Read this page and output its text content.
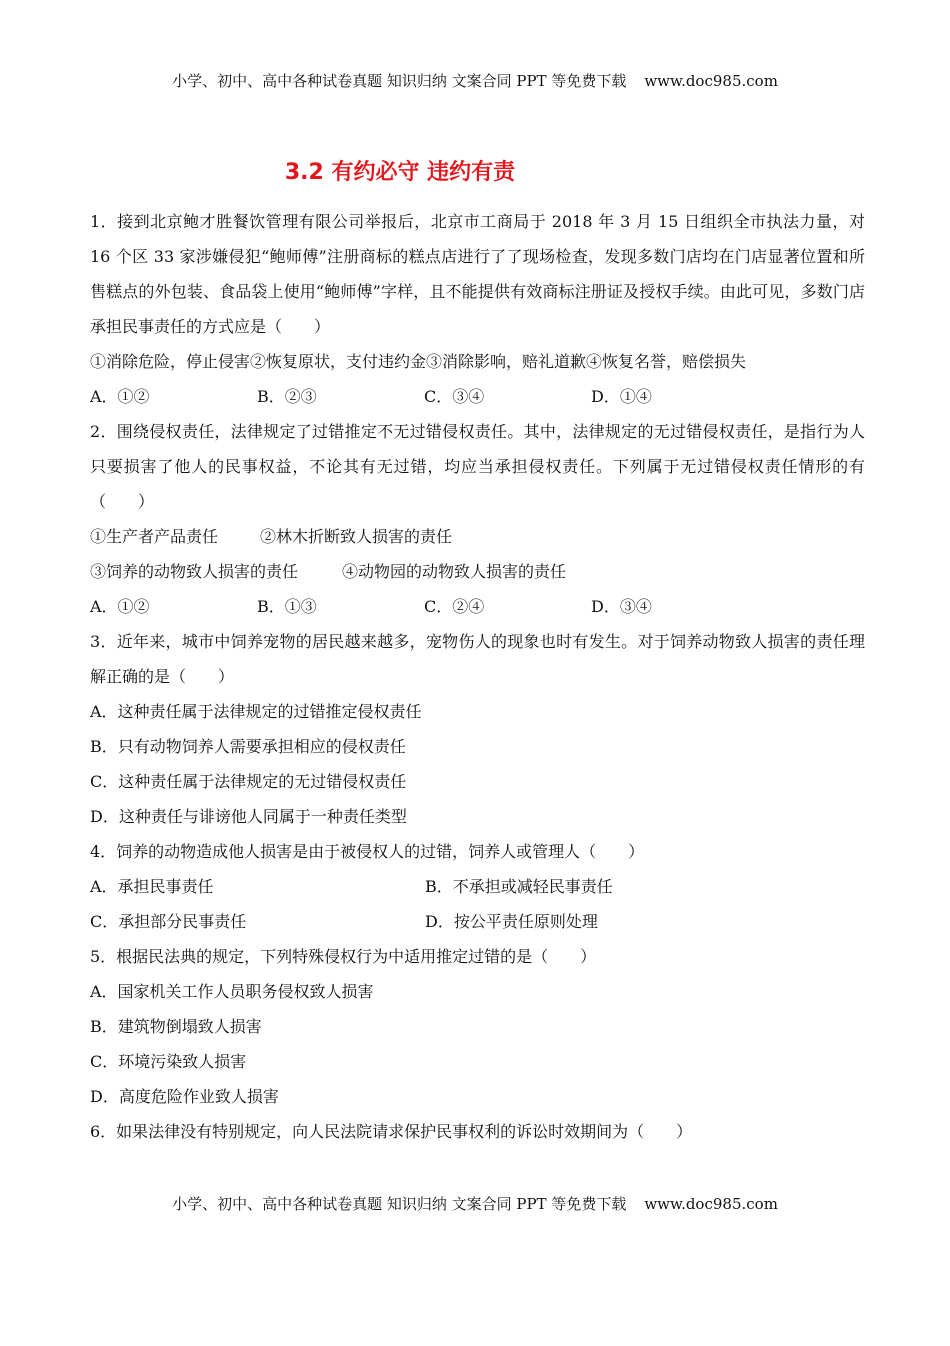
小学、初中、高中各种试卷真题 知识归纳 文案合同 PPT 等免费下载 www.doc985.com
3.2 有约必守 违约有责

1．接到北京鲍才胜餐饮管理有限公司举报后，北京市工商局于 2018 年 3 月 15 日组织全市执法力量，对 16 个区 33 家涉嫌侵犯“鲍师傅”注册商标的糕点店进行了了现场检查，发现多数门店均在门店显著位置和所售糕点的外包装、食品袋上使用“鲍师傅”字样，且不能提供有效商标注册证及授权手续。由此可见，多数门店承担民事责任的方式应是（　　）

①消除危险，停止侵害②恢复原状，支付违约金③消除影响，赔礼道歉④恢复名誉，赔偿损失

A．①②	B．②③	C．③④	D．①④

2．围绕侵权责任，法律规定了过错推定不无过错侵权责任。其中，法律规定的无过错侵权责任，是指行为人只要损害了他人的民事权益，不论其有无过错，均应当承担侵权责任。下列属于无过错侵权责任情形的有（　　）

①生产者产品责任	②林木折断致人损害的责任
③饲养的动物致人损害的责任	④动物园的动物致人损害的责任
A．①②	B．①③	C．②④	D．③④

3．近年来，城市中饲养宠物的居民越来越多，宠物伤人的现象也时有发生。对于饲养动物致人损害的责任理解正确的是（　　）

A．这种责任属于法律规定的过错推定侵权责任

B．只有动物饲养人需要承担相应的侵权责任

C．这种责任属于法律规定的无过错侵权责任

D．这种责任与诽谤他人同属于一种责任类型

4．饲养的动物造成他人损害是由于被侵权人的过错，饲养人或管理人（　　）

A．承担民事责任	B．不承担或减轻民事责任
C．承担部分民事责任	D．按公平责任原则处理

5．根据民法典的规定，下列特殊侵权行为中适用推定过错的是（　　）

A．国家机关工作人员职务侵权致人损害

B．建筑物倒塌致人损害

C．环境污染致人损害

D．高度危险作业致人损害

6．如果法律没有特别规定，向人民法院请求保护民事权利的诉讼时效期间为（　　）

小学、初中、高中各种试卷真题 知识归纳 文案合同 PPT 等免费下载 www.doc985.com
